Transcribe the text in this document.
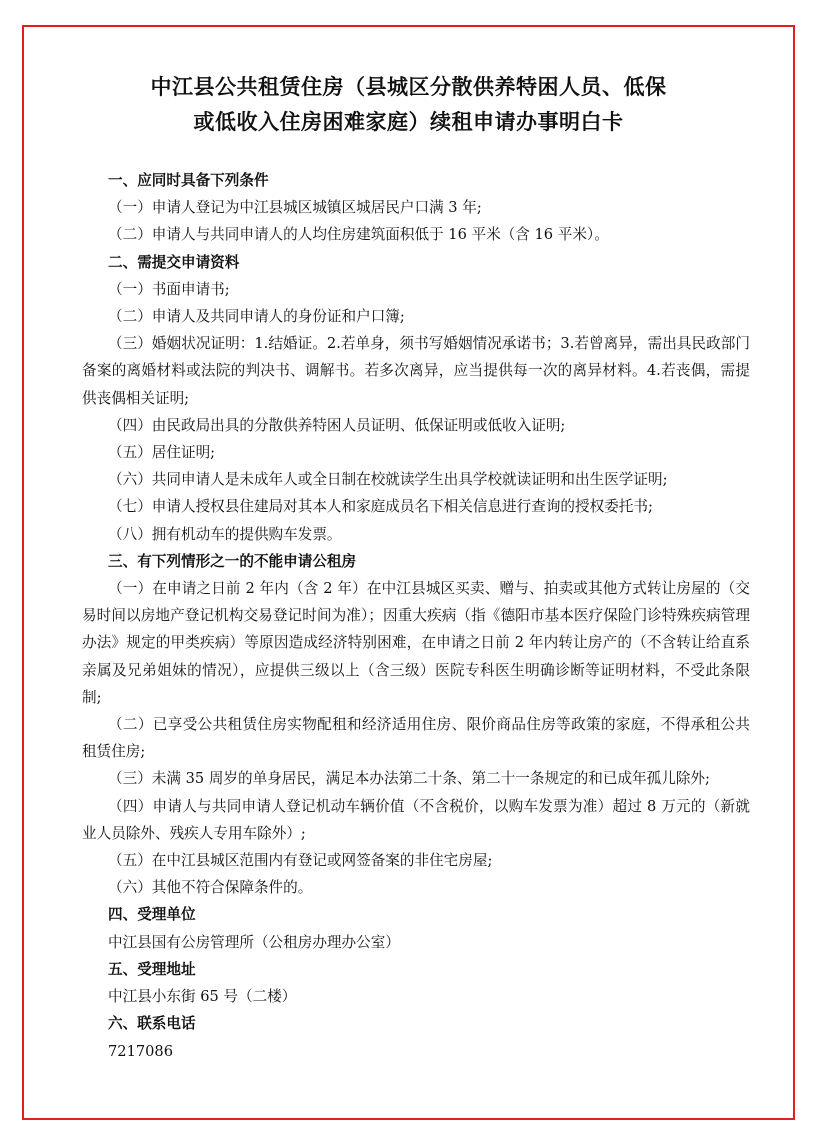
中江县公共租赁住房（县城区分散供养特困人员、低保
或低收入住房困难家庭）续租申请办事明白卡
一、应同时具备下列条件
（一）申请人登记为中江县城区城镇区城居民户口满 3 年;
（二）申请人与共同申请人的人均住房建筑面积低于 16 平米（含 16 平米）。
二、需提交申请资料
（一）书面申请书;
（二）申请人及共同申请人的身份证和户口簿;
（三）婚姻状况证明：1.结婚证。2.若单身，须书写婚姻情况承诺书；3.若曾离异，需出具民政部门备案的离婚材料或法院的判决书、调解书。若多次离异，应当提供每一次的离异材料。4.若丧偶，需提供丧偶相关证明;
（四）由民政局出具的分散供养特困人员证明、低保证明或低收入证明;
（五）居住证明;
（六）共同申请人是未成年人或全日制在校就读学生出具学校就读证明和出生医学证明;
（七）申请人授权县住建局对其本人和家庭成员名下相关信息进行查询的授权委托书;
（八）拥有机动车的提供购车发票。
三、有下列情形之一的不能申请公租房
（一）在申请之日前 2 年内（含 2 年）在中江县城区买卖、赠与、拍卖或其他方式转让房屋的（交易时间以房地产登记机构交易登记时间为准）；因重大疾病（指《德阳市基本医疗保险门诊特殊疾病管理办法》规定的甲类疾病）等原因造成经济特别困难，在申请之日前 2 年内转让房产的（不含转让给直系亲属及兄弟姐妹的情况），应提供三级以上（含三级）医院专科医生明确诊断等证明材料，不受此条限制;
（二）已享受公共租赁住房实物配租和经济适用住房、限价商品住房等政策的家庭，不得承租公共租赁住房;
（三）未满 35 周岁的单身居民，满足本办法第二十条、第二十一条规定的和已成年孤儿除外;
（四）申请人与共同申请人登记机动车辆价值（不含税价，以购车发票为准）超过 8 万元的（新就业人员除外、残疾人专用车除外）;
（五）在中江县城区范围内有登记或网签备案的非住宅房屋;
（六）其他不符合保障条件的。
四、受理单位
中江县国有公房管理所（公租房办理办公室）
五、受理地址
中江县小东街 65 号（二楼）
六、联系电话
7217086
